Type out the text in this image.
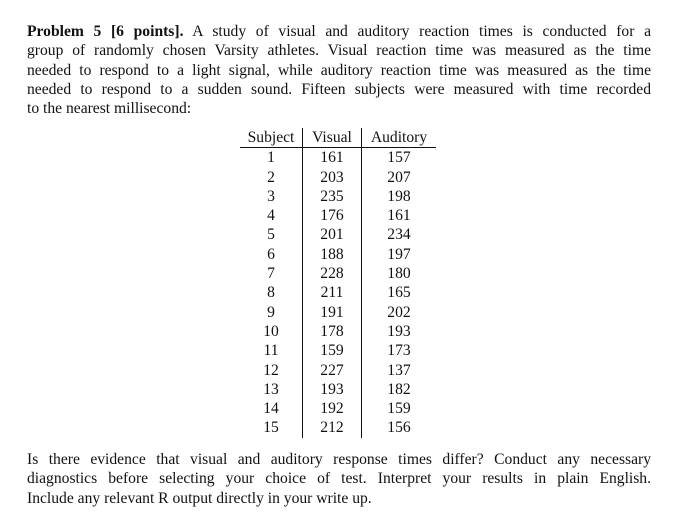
Problem 5 [6 points]. A study of visual and auditory reaction times is conducted for a
group of randomly chosen Varsity athletes. Visual reaction time was measured as the time
needed to respond to a light signal, while auditory reaction time was measured as the time
needed to respond to a sudden sound. Fifteen subjects were measured with time recorded
to the nearest millisecond:
Subject	Visual	Auditory
1	161	157
2	203	207
3	235	198
4	176	161
5	201	234
6	188	197
7	228	180
8	211	165
9	191	202
10	178	193
11	159	173
12	227	137
13	193	182
14	192	159
15	212	156
Is there evidence that visual and auditory response times differ? Conduct any necessary
diagnostics before selecting your choice of test. Interpret your results in plain English.
Include any relevant R output directly in your write up.
